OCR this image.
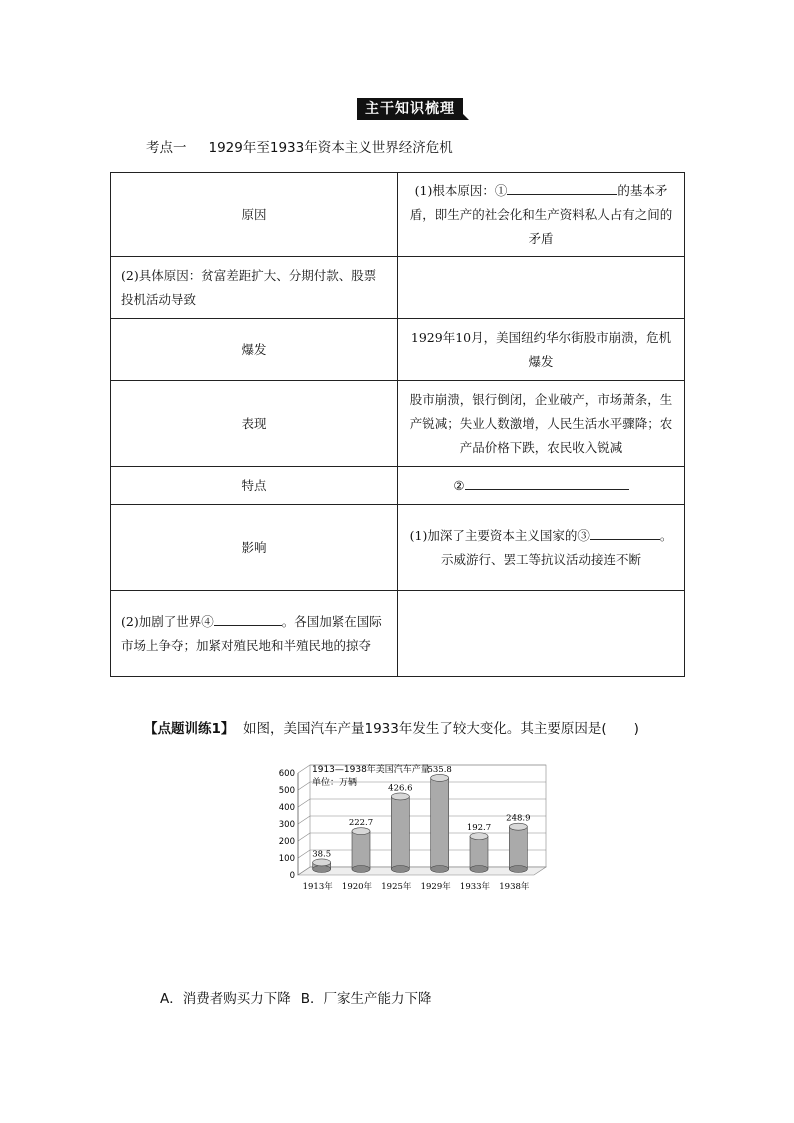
主干知识梳理
考点一 1929年至1933年资本主义世界经济危机
原因	(1)根本原因：① 的基本矛盾，即生产的社会化和生产资料私人占有之间的矛盾
(2)具体原因：贫富差距扩大、分期付款、股票投机活动导致	
爆发	1929年10月，美国纽约华尔街股市崩溃，危机爆发
表现	股市崩溃，银行倒闭，企业破产，市场萧条，生产锐减；失业人数激增，人民生活水平骤降；农产品价格下跌，农民收入锐减
特点	②
影响	(1)加深了主要资本主义国家的③ 。示威游行、罢工等抗议活动接连不断
(2)加剧了世界④ 。各国加紧在国际市场上争夺；加紧对殖民地和半殖民地的掠夺	
【点题训练1】 如图，美国汽车产量1933年发生了较大变化。其主要原因是(　　)
0
100
200
300
400
500
600
38.5
1913年
222.7
1920年
426.6
1925年
535.8
1929年
192.7
1933年
248.9
1938年
1913—1938年美国汽车产量
单位：万辆
A．消费者购买力下降 B．厂家生产能力下降
